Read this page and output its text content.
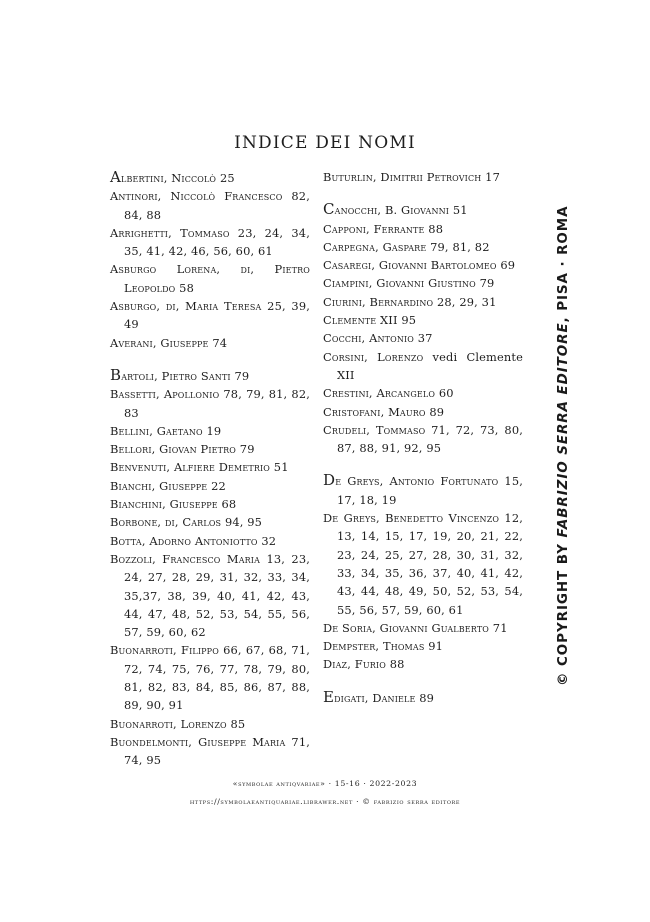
INDICE DEI NOMI
Albertini, Niccolò 25
Antinori, Niccolò Francesco 82, 84, 88
Arrighetti, Tommaso 23, 24, 34, 35, 41, 42, 46, 56, 60, 61
Asburgo Lorena, di, Pietro Leopoldo 58
Asburgo, di, Maria Teresa 25, 39, 49
Averani, Giuseppe 74
Bartoli, Pietro Santi 79
Bassetti, Apollonio 78, 79, 81, 82, 83
Bellini, Gaetano 19
Bellori, Giovan Pietro 79
Benvenuti, Alfiere Demetrio 51
Bianchi, Giuseppe 22
Bianchini, Giuseppe 68
Borbone, di, Carlos 94, 95
Botta, Adorno Antoniotto 32
Bozzoli, Francesco Maria 13, 23, 24, 27, 28, 29, 31, 32, 33, 34, 35,37, 38, 39, 40, 41, 42, 43, 44, 47, 48, 52, 53, 54, 55, 56, 57, 59, 60, 62
Buonarroti, Filippo 66, 67, 68, 71, 72, 74, 75, 76, 77, 78, 79, 80, 81, 82, 83, 84, 85, 86, 87, 88, 89, 90, 91
Buonarroti, Lorenzo 85
Buondelmonti, Giuseppe Maria 71, 74, 95
Buturlin, Dimitrii Petrovich 17
Canocchi, B. Giovanni 51
Capponi, Ferrante 88
Carpegna, Gaspare 79, 81, 82
Casaregi, Giovanni Bartolomeo 69
Ciampini, Giovanni Giustino 79
Ciurini, Bernardino 28, 29, 31
Clemente XII 95
Cocchi, Antonio 37
Corsini, Lorenzo vedi Clemente XII
Crestini, Arcangelo 60
Cristofani, Mauro 89
Crudeli, Tommaso 71, 72, 73, 80, 87, 88, 91, 92, 95
De Greys, Antonio Fortunato 15, 17, 18, 19
De Greys, Benedetto Vincenzo 12, 13, 14, 15, 17, 19, 20, 21, 22, 23, 24, 25, 27, 28, 30, 31, 32, 33, 34, 35, 36, 37, 40, 41, 42, 43, 44, 48, 49, 50, 52, 53, 54, 55, 56, 57, 59, 60, 61
De Soria, Giovanni Gualberto 71
Dempster, Thomas 91
Diaz, Furio 88
Edigati, Daniele 89
«symbolae antiqvariae» · 15-16 · 2022-2023
https://symbolaeantiquariae.librawer.net · © fabrizio serra editore
© COPYRIGHT BY FABRIZIO SERRA EDITORE, PISA · ROMA
